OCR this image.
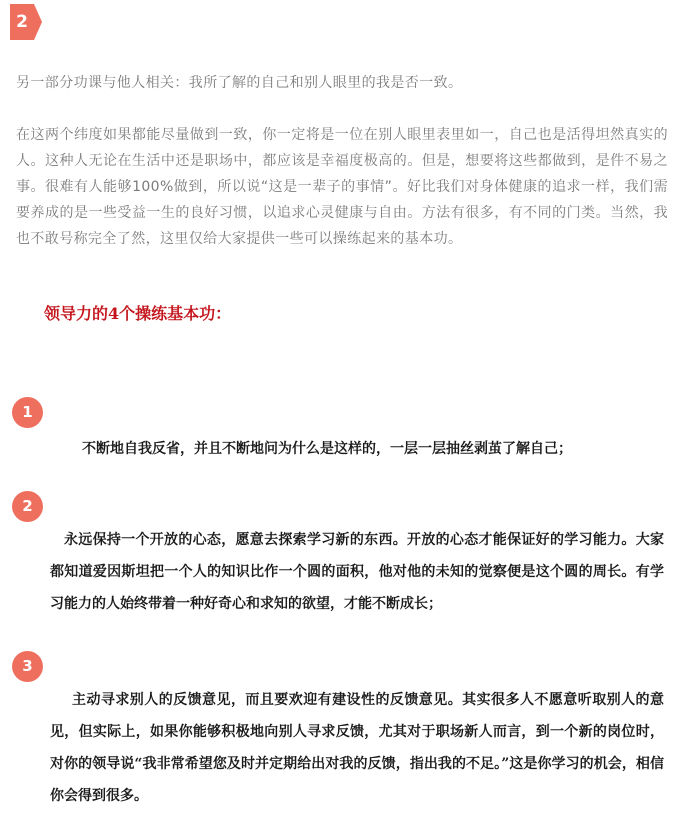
2

另一部分功课与他人相关：我所了解的自己和别人眼里的我是否一致。

在这两个纬度如果都能尽量做到一致，你一定将是一位在别人眼里表里如一，自己也是活得坦然真实的人。这种人无论在生活中还是职场中，都应该是幸福度极高的。但是，想要将这些都做到，是件不易之事。很难有人能够100%做到，所以说“这是一辈子的事情”。好比我们对身体健康的追求一样，我们需要养成的是一些受益一生的良好习惯，以追求心灵健康与自由。方法有很多，有不同的门类。当然，我也不敢号称完全了然，这里仅给大家提供一些可以操练起来的基本功。

领导力的4个操练基本功：

1

不断地自我反省，并且不断地问为什么是这样的，一层一层抽丝剥茧了解自己；

2

永远保持一个开放的心态，愿意去探索学习新的东西。开放的心态才能保证好的学习能力。大家都知道爱因斯坦把一个人的知识比作一个圆的面积，他对他的未知的觉察便是这个圆的周长。有学习能力的人始终带着一种好奇心和求知的欲望，才能不断成长；

3

主动寻求别人的反馈意见，而且要欢迎有建设性的反馈意见。其实很多人不愿意听取别人的意见，但实际上，如果你能够积极地向别人寻求反馈，尤其对于职场新人而言，到一个新的岗位时，对你的领导说“我非常希望您及时并定期给出对我的反馈，指出我的不足。”这是你学习的机会，相信你会得到很多。
